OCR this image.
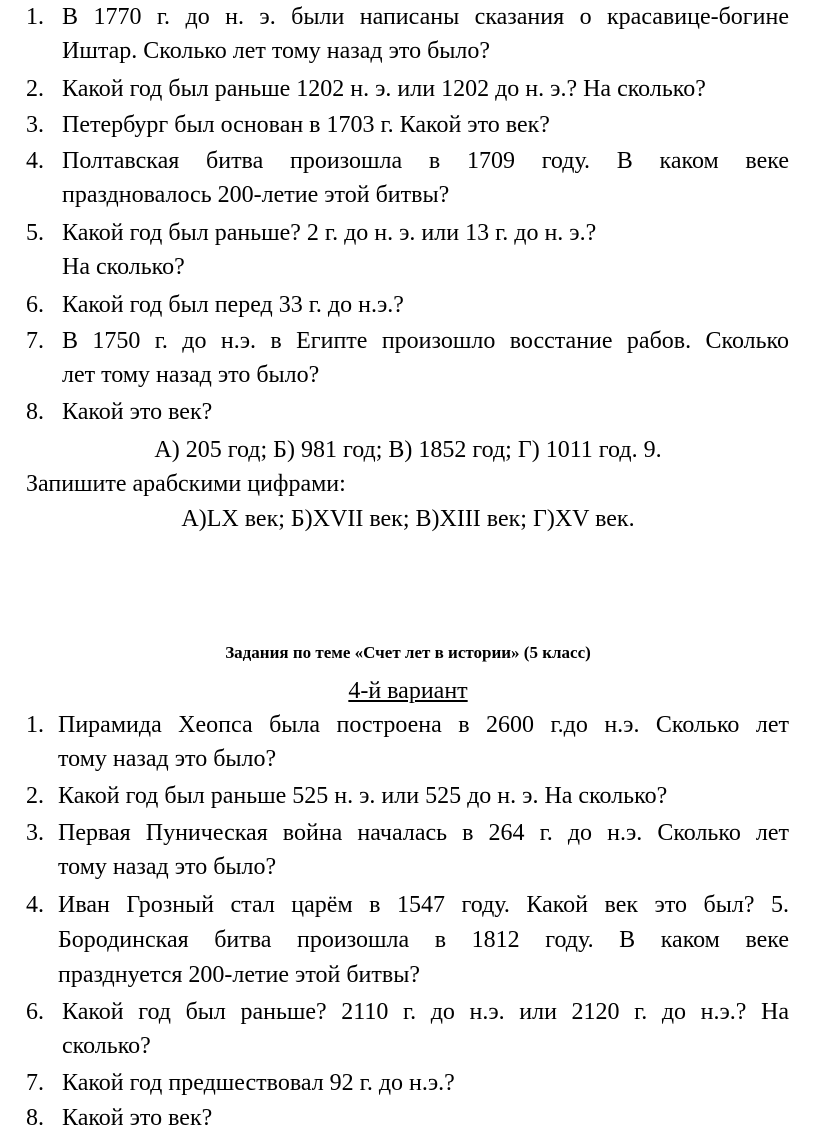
1. В 1770 г. до н. э. были написаны сказания о красавице-богине
Иштар. Сколько лет тому назад это было?
2. Какой год был раньше 1202 н. э. или 1202 до н. э.? На сколько?
3. Петербург был основан в 1703 г. Какой это век?
4. Полтавская битва произошла в 1709 году. В каком веке
праздновалось 200-летие этой битвы?
5. Какой год был раньше? 2 г. до н. э. или 13 г. до н. э.?
На сколько?
6. Какой год был перед 33 г. до н.э.?
7. В 1750 г. до н.э. в Египте произошло восстание рабов. Сколько
лет тому назад это было?
8. Какой это век?
А) 205 год; Б) 981 год; В) 1852 год; Г) 1011 год. 9.
Запишите арабскими цифрами:
А)LX век; Б)XVII век; В)XIII век; Г)XV век.
Задания по теме «Счет лет в истории» (5 класс)
4-й вариант
1. Пирамида Хеопса была построена в 2600 г.до н.э. Сколько лет
тому назад это было?
2. Какой год был раньше 525 н. э. или 525 до н. э. На сколько?
3. Первая Пуническая война началась в 264 г. до н.э. Сколько лет
тому назад это было?
4. Иван Грозный стал царём в 1547 году. Какой век это был? 5.
Бородинская битва произошла в 1812 году. В каком веке
празднуется 200-летие этой битвы?
6. Какой год был раньше? 2110 г. до н.э. или 2120 г. до н.э.? На
сколько?
7. Какой год предшествовал 92 г. до н.э.?
8. Какой это век?
